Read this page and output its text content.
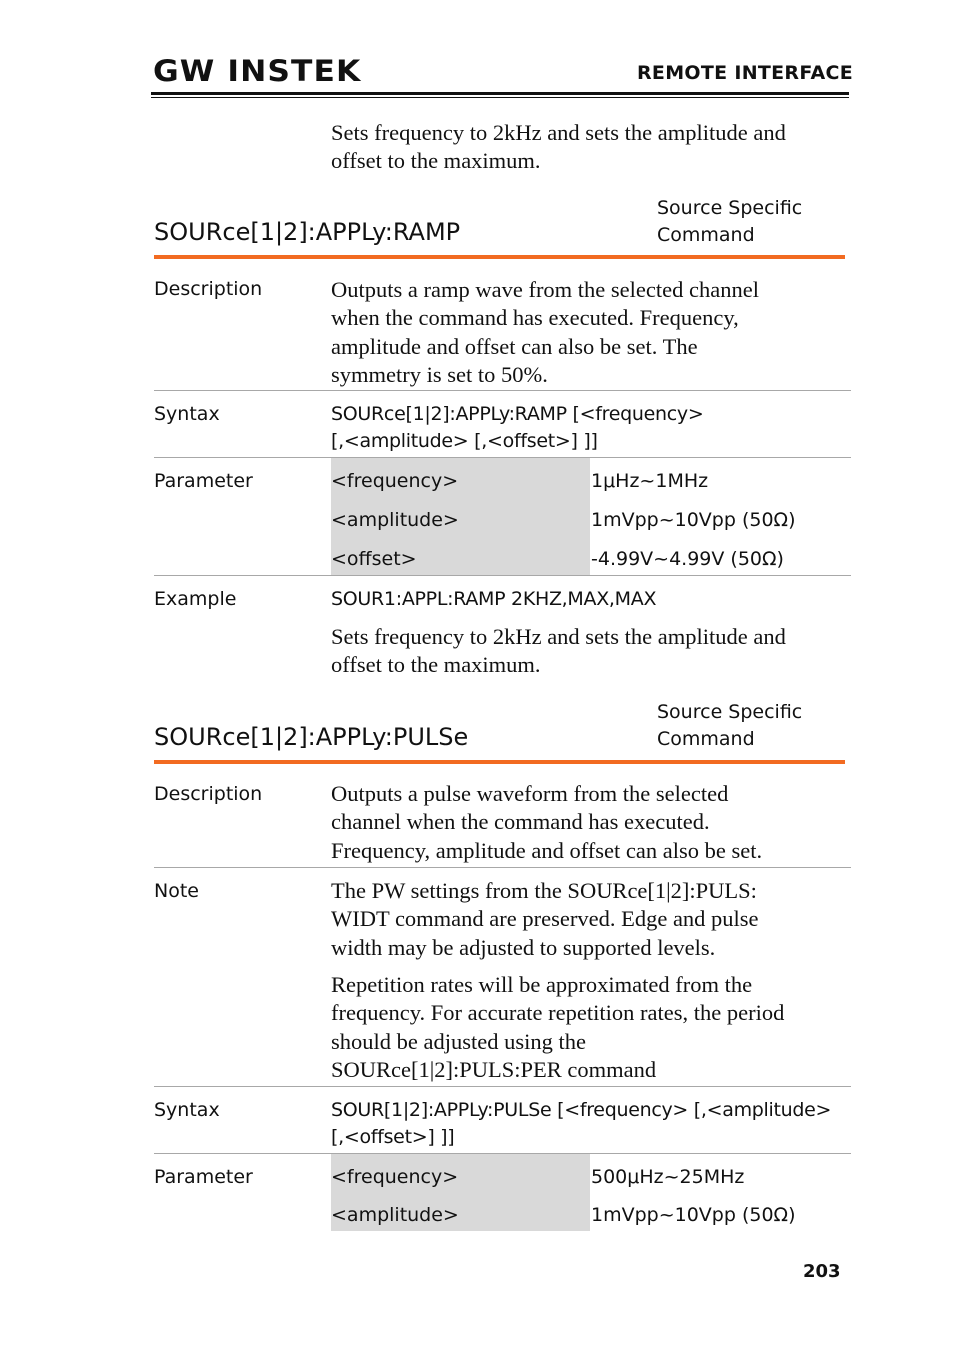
GW INSTEK	REMOTE INTERFACE
Sets frequency to 2kHz and sets the amplitude and
offset to the maximum.
SOURce[1|2]:APPLy:RAMP
Source Specific
Command
Description	Outputs a ramp wave from the selected channel
when the command has executed. Frequency,
amplitude and offset can also be set. The
symmetry is set to 50%.
Syntax	SOURce[1|2]:APPLy:RAMP [<frequency>
[,<amplitude> [,<offset>] ]]
Parameter	<frequency>	1μHz~1MHz
<amplitude>	1mVpp~10Vpp (50Ω)
<offset>	-4.99V~4.99V (50Ω)
Example	SOUR1:APPL:RAMP 2KHZ,MAX,MAX
Sets frequency to 2kHz and sets the amplitude and
offset to the maximum.
SOURce[1|2]:APPLy:PULSe
Source Specific
Command
Description	Outputs a pulse waveform from the selected
channel when the command has executed.
Frequency, amplitude and offset can also be set.
Note	The PW settings from the SOURce[1|2]:PULS:
WIDT command are preserved. Edge and pulse
width may be adjusted to supported levels.
Repetition rates will be approximated from the
frequency. For accurate repetition rates, the period
should be adjusted using the
SOURce[1|2]:PULS:PER command
Syntax	SOUR[1|2]:APPLy:PULSe [<frequency> [,<amplitude>
[,<offset>] ]]
Parameter	<frequency>	500μHz~25MHz
<amplitude>	1mVpp~10Vpp (50Ω)
203
